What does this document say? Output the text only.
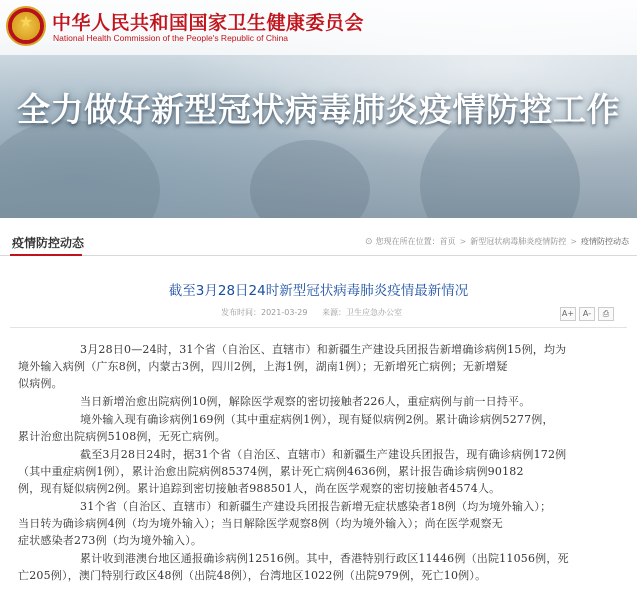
★ 中华人民共和国国家卫生健康委员会
National Health Commission of the People's Republic of China
全力做好新型冠状病毒肺炎疫情防控工作
疫情防控动态	⊙ 您现在所在位置： 首页 > 新型冠状病毒肺炎疫情防控 > 疫情防控动态
截至3月28日24时新型冠状病毒肺炎疫情最新情况
发布时间：2021-03-29 来源：卫生应急办公室	A+	A-	⎙

3月28日0—24时，31个省（自治区、直辖市）和新疆生产建设兵团报告新增确诊病例15例，均为
境外输入病例（广东8例，内蒙古3例，四川2例，上海1例，湖南1例）；无新增死亡病例；无新增疑
似病例。

当日新增治愈出院病例10例，解除医学观察的密切接触者226人，重症病例与前一日持平。

境外输入现有确诊病例169例（其中重症病例1例），现有疑似病例2例。累计确诊病例5277例，
累计治愈出院病例5108例，无死亡病例。

截至3月28日24时，据31个省（自治区、直辖市）和新疆生产建设兵团报告，现有确诊病例172例
（其中重症病例1例），累计治愈出院病例85374例，累计死亡病例4636例，累计报告确诊病例90182
例，现有疑似病例2例。累计追踪到密切接触者988501人，尚在医学观察的密切接触者4574人。

31个省（自治区、直辖市）和新疆生产建设兵团报告新增无症状感染者18例（均为境外输入）；
当日转为确诊病例4例（均为境外输入）；当日解除医学观察8例（均为境外输入）；尚在医学观察无
症状感染者273例（均为境外输入）。

累计收到港澳台地区通报确诊病例12516例。其中，香港特别行政区11446例（出院11056例，死
亡205例），澳门特别行政区48例（出院48例），台湾地区1022例（出院979例，死亡10例）。
